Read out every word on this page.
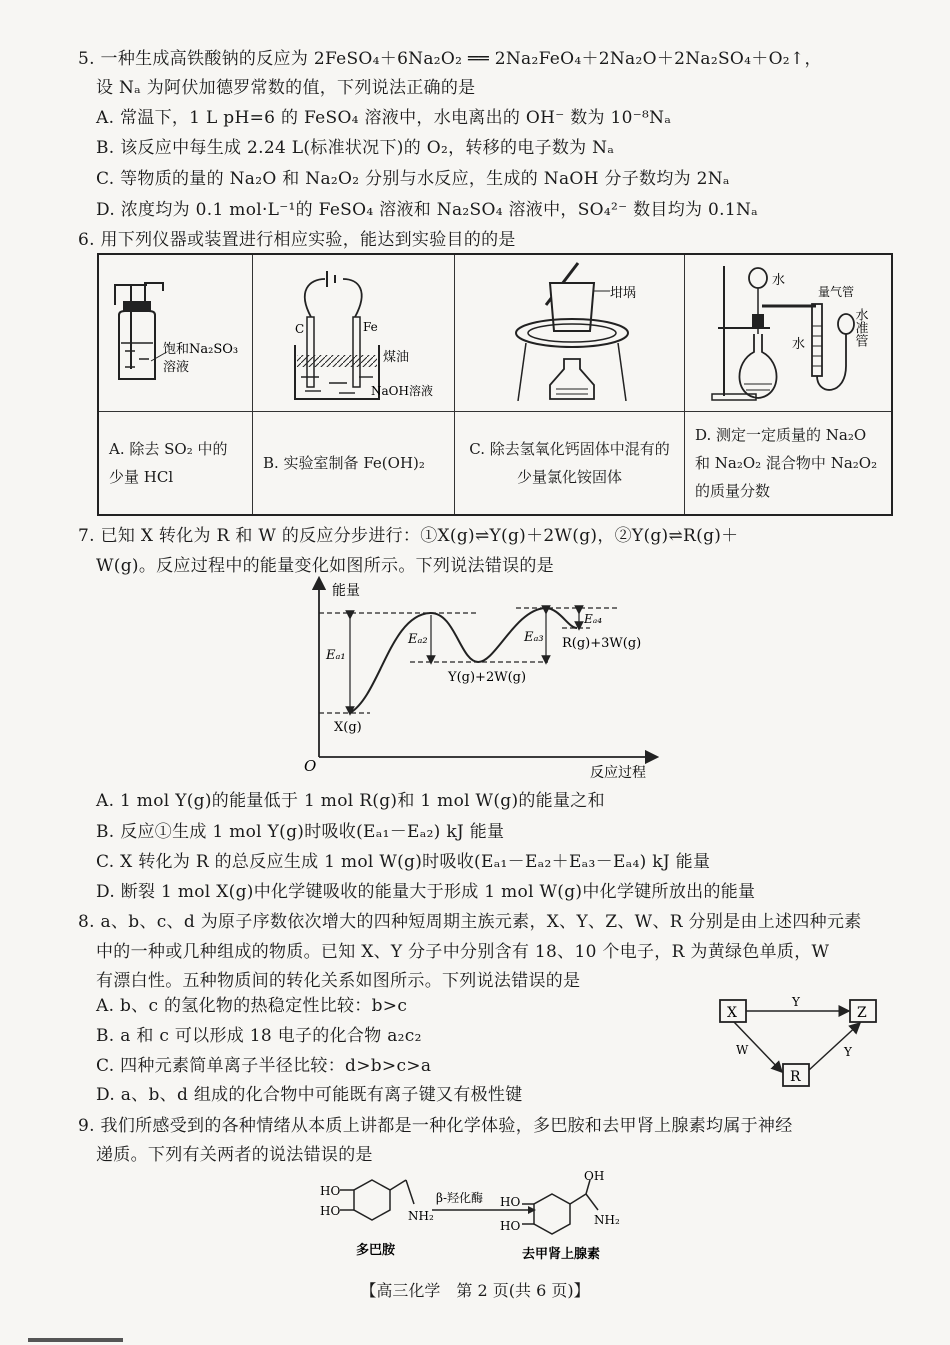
5. 一种生成高铁酸钠的反应为 2FeSO₄＋6Na₂O₂ ══ 2Na₂FeO₄＋2Na₂O＋2Na₂SO₄＋O₂↑，
设 Nₐ 为阿伏加德罗常数的值，下列说法正确的是
A. 常温下，1 L pH=6 的 FeSO₄ 溶液中，水电离出的 OH⁻ 数为 10⁻⁸Nₐ
B. 该反应中每生成 2.24 L(标准状况下)的 O₂，转移的电子数为 Nₐ
C. 等物质的量的 Na₂O 和 Na₂O₂ 分别与水反应，生成的 NaOH 分子数均为 2Nₐ
D. 浓度均为 0.1 mol·L⁻¹的 FeSO₄ 溶液和 Na₂SO₄ 溶液中，SO₄²⁻ 数目均为 0.1Nₐ
6. 用下列仪器或装置进行相应实验，能达到实验目的的是
饱和Na₂SO₃
溶液	C Fe
煤油
NaOH溶液	坩埚	水
量气管
水准管
水

A. 除去 SO₂ 中的少量 HCl	B. 实验室制备 Fe(OH)₂	C. 除去氢氧化钙固体中混有的少量氯化铵固体	D. 测定一定质量的 Na₂O 和 Na₂O₂ 混合物中 Na₂O₂ 的质量分数
7. 已知 X 转化为 R 和 W 的反应分步进行：①X(g)⇌Y(g)＋2W(g)，②Y(g)⇌R(g)＋
W(g)。反应过程中的能量变化如图所示。下列说法错误的是
能量
反应过程
O
Eₐ₁
Eₐ₂	Eₐ₃
Eₐ₄
X(g)
Y(g)+2W(g)
R(g)+3W(g)
A. 1 mol Y(g)的能量低于 1 mol R(g)和 1 mol W(g)的能量之和
B. 反应①生成 1 mol Y(g)时吸收(Eₐ₁－Eₐ₂) kJ 能量
C. X 转化为 R 的总反应生成 1 mol W(g)时吸收(Eₐ₁－Eₐ₂＋Eₐ₃－Eₐ₄) kJ 能量
D. 断裂 1 mol X(g)中化学键吸收的能量大于形成 1 mol W(g)中化学键所放出的能量
8. a、b、c、d 为原子序数依次增大的四种短周期主族元素，X、Y、Z、W、R 分别是由上述四种元素
中的一种或几种组成的物质。已知 X、Y 分子中分别含有 18、10 个电子，R 为黄绿色单质，W
有漂白性。五种物质间的转化关系如图所示。下列说法错误的是
A. b、c 的氢化物的热稳定性比较：b>c
B. a 和 c 可以形成 18 电子的化合物 a₂c₂
C. 四种元素简单离子半径比较：d>b>c>a
D. a、b、d 组成的化合物中可能既有离子键又有极性键
X	Z
R
Y
W	Y
9. 我们所感受到的各种情绪从本质上讲都是一种化学体验，多巴胺和去甲肾上腺素均属于神经
递质。下列有关两者的说法错误的是
HO
HO	NH₂
β-羟化酶 HO
HO
OH
NH₂
多巴胺	去甲肾上腺素
【高三化学　第 2 页(共 6 页)】
